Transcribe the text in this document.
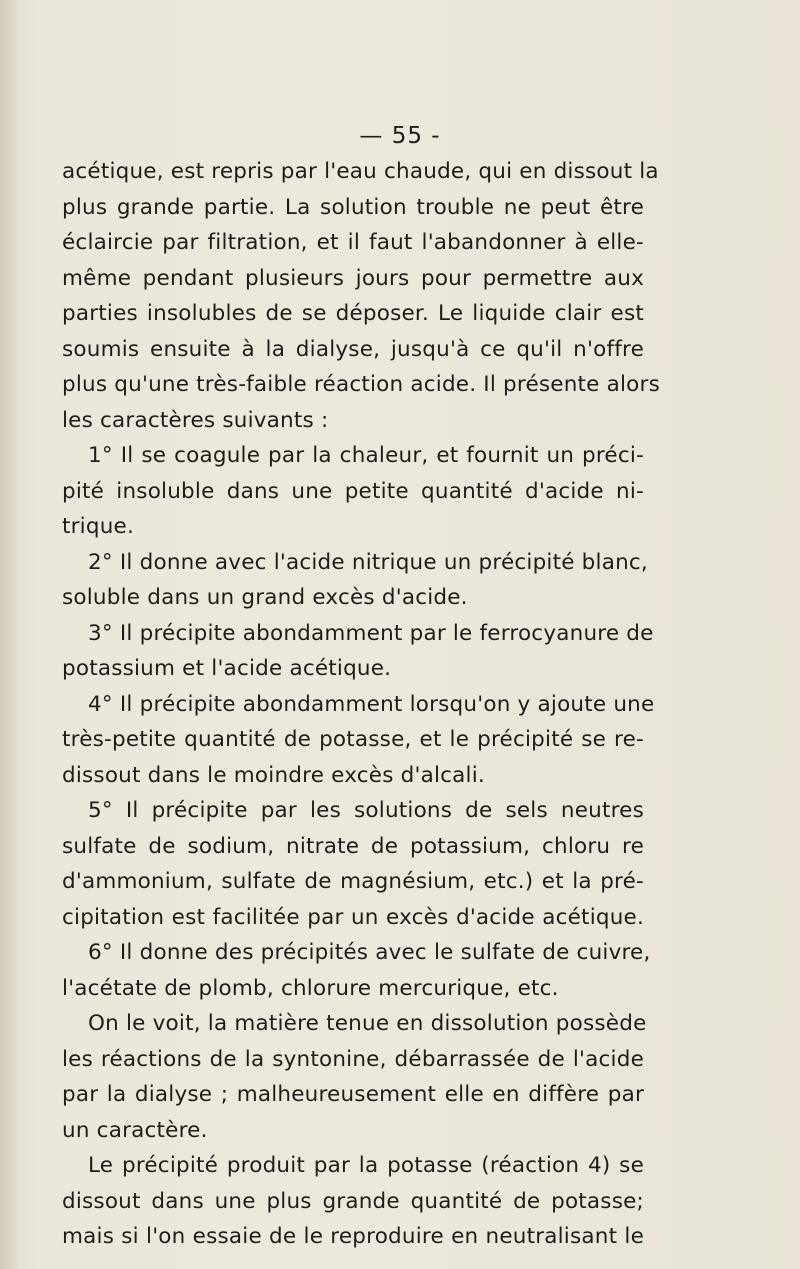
— 55 -
acétique, est repris par l'eau chaude, qui en dissout la
plus grande partie. La solution trouble ne peut être
éclaircie par filtration, et il faut l'abandonner à elle-
même pendant plusieurs jours pour permettre aux
parties insolubles de se déposer. Le liquide clair est
soumis ensuite à la dialyse, jusqu'à ce qu'il n'offre
plus qu'une très-faible réaction acide. Il présente alors
les caractères suivants :
1° Il se coagule par la chaleur, et fournit un préci-
pité insoluble dans une petite quantité d'acide ni-
trique.
2° Il donne avec l'acide nitrique un précipité blanc,
soluble dans un grand excès d'acide.
3° Il précipite abondamment par le ferrocyanure de
potassium et l'acide acétique.
4° Il précipite abondamment lorsqu'on y ajoute une
très-petite quantité de potasse, et le précipité se re-
dissout dans le moindre excès d'alcali.
5° Il précipite par les solutions de sels neutres
sulfate de sodium, nitrate de potassium, chloru re
d'ammonium, sulfate de magnésium, etc.) et la pré-
cipitation est facilitée par un excès d'acide acétique.
6° Il donne des précipités avec le sulfate de cuivre,
l'acétate de plomb, chlorure mercurique, etc.
On le voit, la matière tenue en dissolution possède
les réactions de la syntonine, débarrassée de l'acide
par la dialyse ; malheureusement elle en diffère par
un caractère.
Le précipité produit par la potasse (réaction 4) se
dissout dans une plus grande quantité de potasse;
mais si l'on essaie de le reproduire en neutralisant le
